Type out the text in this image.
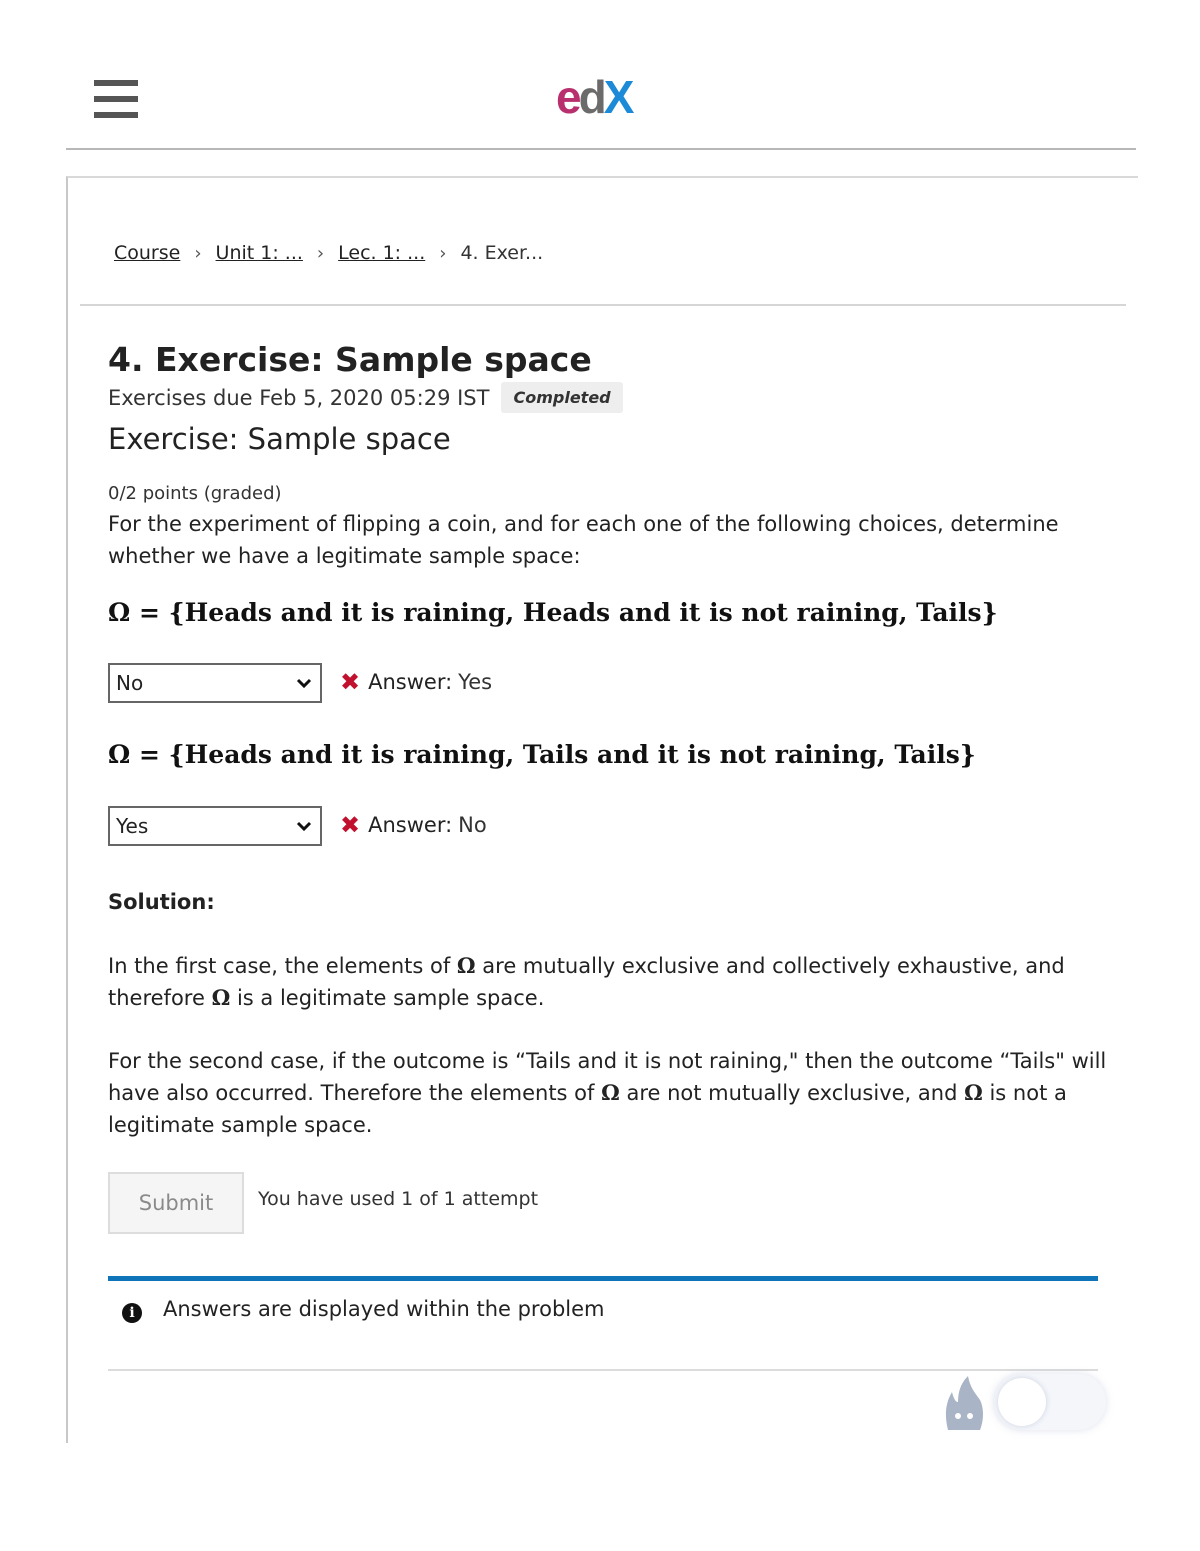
edX
Course › Unit 1: ... › Lec. 1: ... › 4. Exer...
4. Exercise: Sample space
Exercises due Feb 5, 2020 05:29 IST	Completed
Exercise: Sample space
0/2 points (graded)

For the experiment of flipping a coin, and for each one of the following choices, determine whether we have a legitimate sample space:

Ω = {Heads and it is raining, Heads and it is not raining, Tails}
No	✖ Answer: Yes
Ω = {Heads and it is raining, Tails and it is not raining, Tails}
Yes	✖ Answer: No
Solution:

In the first case, the elements of Ω are mutually exclusive and collectively exhaustive, and therefore Ω is a legitimate sample space.

For the second case, if the outcome is “Tails and it is not raining," then the outcome “Tails" will have also occurred. Therefore the elements of Ω are not mutually exclusive, and Ω is not a legitimate sample space.

Submit	You have used 1 of 1 attempt
i	Answers are displayed within the problem
